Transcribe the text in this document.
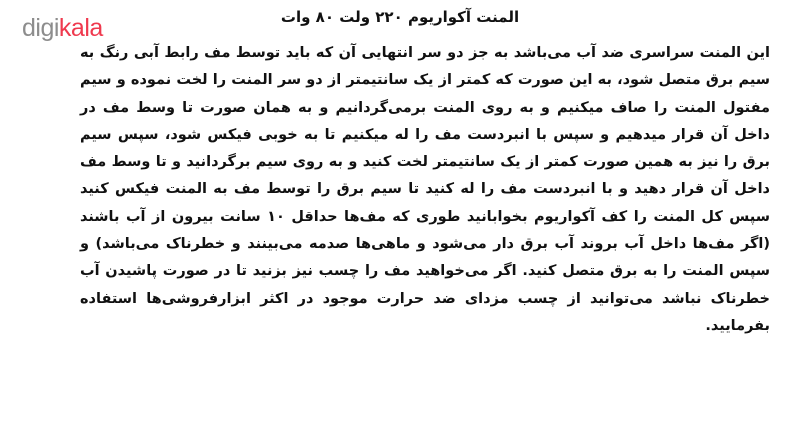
digikala	المنت آکواریوم ۲۲۰ ولت ۸۰ وات

این المنت سراسری ضد آب می‌باشد به جز دو سر انتهایی آن که باید توسط مف رابط آبی رنگ به سیم برق متصل شود، به این صورت که کمتر از یک سانتیمتر از دو سر المنت را لخت نموده و سیم مفتول المنت را صاف میکنیم و به روی المنت برمی‌گردانیم و به همان صورت تا وسط مف در داخل آن قرار میدهیم و سپس با انبردست مف را له میکنیم تا به خوبی فیکس شود، سپس سیم برق را نیز به همین صورت کمتر از یک سانتیمتر لخت کنید و به روی سیم برگردانید و تا وسط مف داخل آن قرار دهید و با انبردست مف را له کنید تا سیم برق را توسط مف به المنت فیکس کنید سپس کل المنت را کف آکواریوم بخوابانید طوری که مف‌ها حداقل ۱۰ سانت بیرون از آب باشند (اگر مف‌ها داخل آب بروند آب برق دار می‌شود و ماهی‌ها صدمه می‌بینند و خطرناک می‌باشد) و سپس المنت را به برق متصل کنید. اگر می‌خواهید مف را چسب نیز بزنید تا در صورت پاشیدن آب خطرناک نباشد می‌توانید از چسب مزدای ضد حرارت موجود در اکثر ابزارفروشی‌ها استفاده بفرمایید.
